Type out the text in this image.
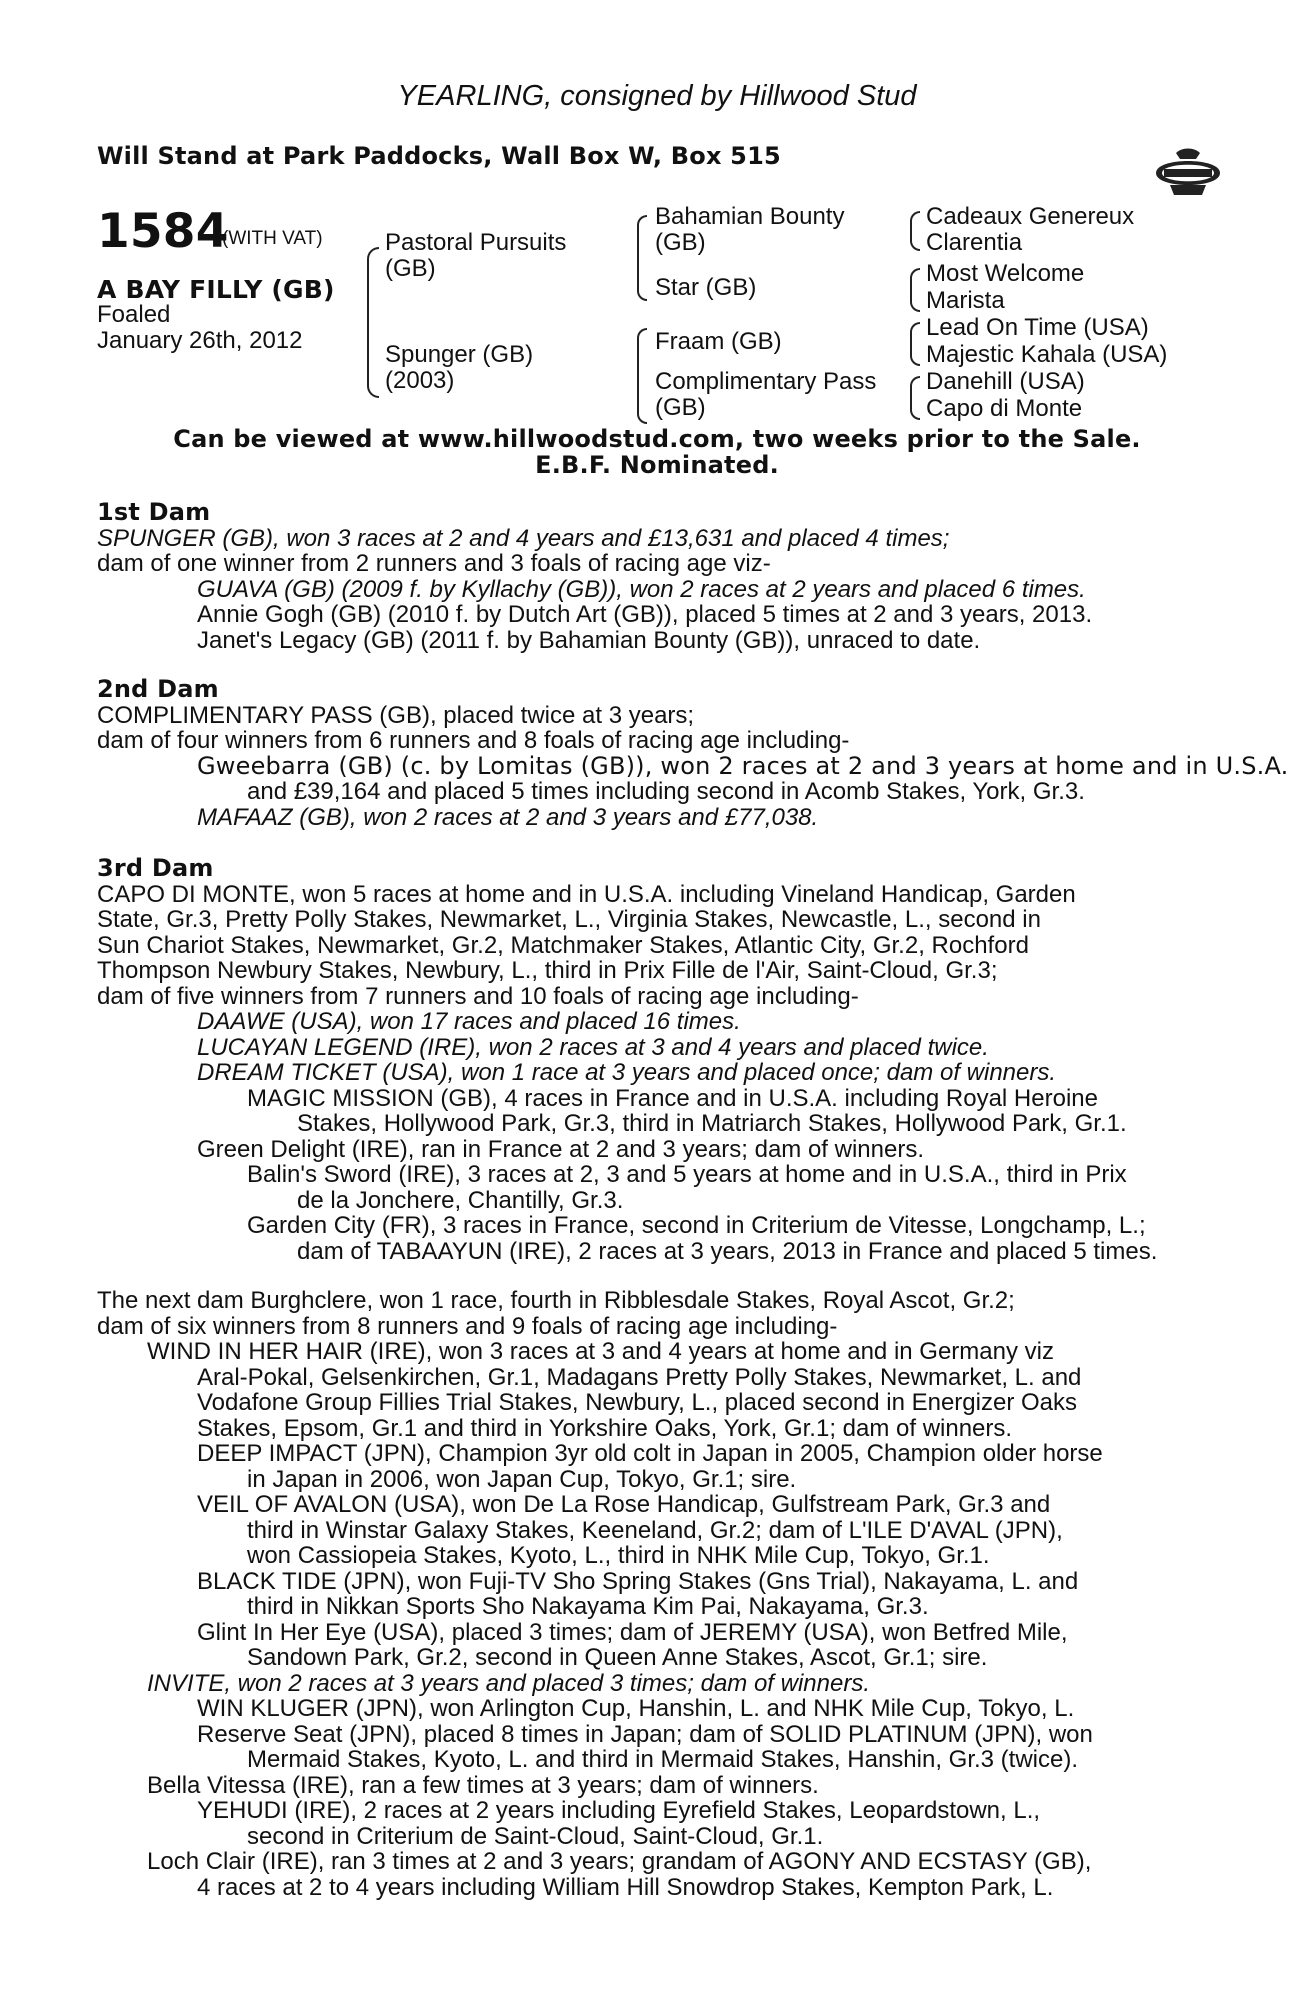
YEARLING, consigned by Hillwood Stud
Will Stand at Park Paddocks, Wall Box W, Box 515
1584
(WITH VAT)
A BAY FILLY (GB)
Foaled
January 26th, 2012
Pastoral Pursuits
(GB)
Spunger (GB)
(2003)
Bahamian Bounty
(GB)
Star (GB)
Fraam (GB)
Complimentary Pass
(GB)
Cadeaux Genereux
Clarentia
Most Welcome
Marista
Lead On Time (USA)
Majestic Kahala (USA)
Danehill (USA)
Capo di Monte
Can be viewed at www.hillwoodstud.com, two weeks prior to the Sale.
E.B.F. Nominated.
1st Dam
SPUNGER (GB), won 3 races at 2 and 4 years and £13,631 and placed 4 times;
dam of one winner from 2 runners and 3 foals of racing age viz-
GUAVA (GB) (2009 f. by Kyllachy (GB)), won 2 races at 2 years and placed 6 times.
Annie Gogh (GB) (2010 f. by Dutch Art (GB)), placed 5 times at 2 and 3 years, 2013.
Janet's Legacy (GB) (2011 f. by Bahamian Bounty (GB)), unraced to date.
2nd Dam
COMPLIMENTARY PASS (GB), placed twice at 3 years;
dam of four winners from 6 runners and 8 foals of racing age including-
Gweebarra (GB) (c. by Lomitas (GB)), won 2 races at 2 and 3 years at home and in U.S.A.
and £39,164 and placed 5 times including second in Acomb Stakes, York, Gr.3.
MAFAAZ (GB), won 2 races at 2 and 3 years and £77,038.
3rd Dam
CAPO DI MONTE, won 5 races at home and in U.S.A. including Vineland Handicap, Garden
State, Gr.3, Pretty Polly Stakes, Newmarket, L., Virginia Stakes, Newcastle, L., second in
Sun Chariot Stakes, Newmarket, Gr.2, Matchmaker Stakes, Atlantic City, Gr.2, Rochford
Thompson Newbury Stakes, Newbury, L., third in Prix Fille de l'Air, Saint-Cloud, Gr.3;
dam of five winners from 7 runners and 10 foals of racing age including-
DAAWE (USA), won 17 races and placed 16 times.
LUCAYAN LEGEND (IRE), won 2 races at 3 and 4 years and placed twice.
DREAM TICKET (USA), won 1 race at 3 years and placed once; dam of winners.
MAGIC MISSION (GB), 4 races in France and in U.S.A. including Royal Heroine
Stakes, Hollywood Park, Gr.3, third in Matriarch Stakes, Hollywood Park, Gr.1.
Green Delight (IRE), ran in France at 2 and 3 years; dam of winners.
Balin's Sword (IRE), 3 races at 2, 3 and 5 years at home and in U.S.A., third in Prix
de la Jonchere, Chantilly, Gr.3.
Garden City (FR), 3 races in France, second in Criterium de Vitesse, Longchamp, L.;
dam of TABAAYUN (IRE), 2 races at 3 years, 2013 in France and placed 5 times.
The next dam Burghclere, won 1 race, fourth in Ribblesdale Stakes, Royal Ascot, Gr.2;
dam of six winners from 8 runners and 9 foals of racing age including-
WIND IN HER HAIR (IRE), won 3 races at 3 and 4 years at home and in Germany viz
Aral-Pokal, Gelsenkirchen, Gr.1, Madagans Pretty Polly Stakes, Newmarket, L. and
Vodafone Group Fillies Trial Stakes, Newbury, L., placed second in Energizer Oaks
Stakes, Epsom, Gr.1 and third in Yorkshire Oaks, York, Gr.1; dam of winners.
DEEP IMPACT (JPN), Champion 3yr old colt in Japan in 2005, Champion older horse
in Japan in 2006, won Japan Cup, Tokyo, Gr.1; sire.
VEIL OF AVALON (USA), won De La Rose Handicap, Gulfstream Park, Gr.3 and
third in Winstar Galaxy Stakes, Keeneland, Gr.2; dam of L'ILE D'AVAL (JPN),
won Cassiopeia Stakes, Kyoto, L., third in NHK Mile Cup, Tokyo, Gr.1.
BLACK TIDE (JPN), won Fuji-TV Sho Spring Stakes (Gns Trial), Nakayama, L. and
third in Nikkan Sports Sho Nakayama Kim Pai, Nakayama, Gr.3.
Glint In Her Eye (USA), placed 3 times; dam of JEREMY (USA), won Betfred Mile,
Sandown Park, Gr.2, second in Queen Anne Stakes, Ascot, Gr.1; sire.
INVITE, won 2 races at 3 years and placed 3 times; dam of winners.
WIN KLUGER (JPN), won Arlington Cup, Hanshin, L. and NHK Mile Cup, Tokyo, L.
Reserve Seat (JPN), placed 8 times in Japan; dam of SOLID PLATINUM (JPN), won
Mermaid Stakes, Kyoto, L. and third in Mermaid Stakes, Hanshin, Gr.3 (twice).
Bella Vitessa (IRE), ran a few times at 3 years; dam of winners.
YEHUDI (IRE), 2 races at 2 years including Eyrefield Stakes, Leopardstown, L.,
second in Criterium de Saint-Cloud, Saint-Cloud, Gr.1.
Loch Clair (IRE), ran 3 times at 2 and 3 years; grandam of AGONY AND ECSTASY (GB),
4 races at 2 to 4 years including William Hill Snowdrop Stakes, Kempton Park, L.
